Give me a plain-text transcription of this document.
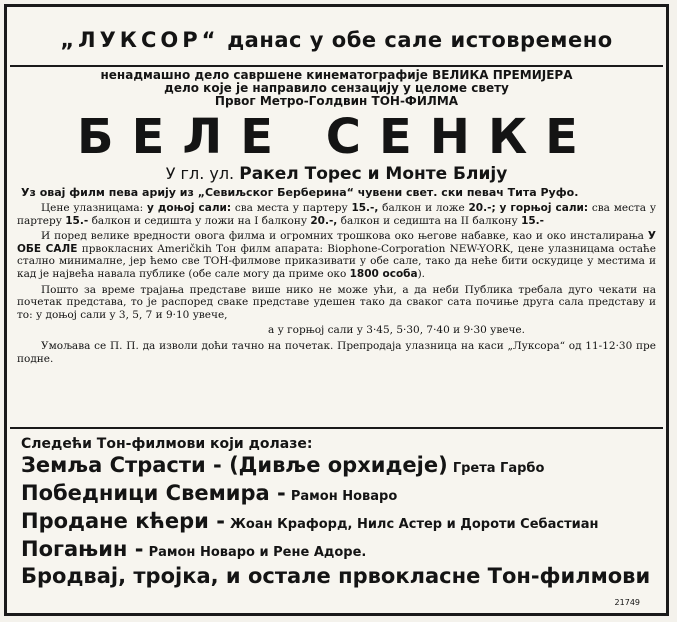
„ЛУКСОР“ данас у обе сале истовремено
ненадмашно дело савршене кинематографије ВЕЛИКА ПРЕМИЈЕРА
дело које је направило сензацију у целоме свету
Првог Метро-Голдвин ТОН-ФИЛМА
БЕЛЕ СЕНКЕ
У гл. ул. Ракел Торес и Монте Блију
Уз овај филм пева арију из „Севиљског Берберина“ чувени свет. ски певач Тита Руфо.
Цене улазницама: у доњој сали: сва места у партеру 15.-, балкон и ложе 20.-; у горњој сали: сва места у партеру 15.- балкон и седишта у ложи на I балкону 20.-, балкон и седишта на II балкону 15.-
И поред велике вредности овога филма и огромних трошкова око његове набавке, као и око инсталирања У ОБЕ САЛЕ првокласних Američkih Тон филм апарата: Biophone-Corporation NEW-YORK, цене улазницама остаће стално минималне, јер ћемо све ТОН-филмове приказивати у обе сале, тако да неће бити оскудице у местима и кад је највећа навала публике (обе сале могу да приме око 1800 особа).
Пошто за време трајања представе више нико не може ући, а да неби Публика требала дуго чекати на почетак представа, то је распоред сваке представе удешен тако да сваког сата почиње друга сала представу и то: у доњој сали у 3, 5, 7 и 9·10 увече,
а у горњој сали у 3·45, 5·30, 7·40 и 9·30 увече.
Умољава се П. П. да изволи доћи тачно на почетак. Препродаја улазница на каси „Луксора“ од 11-12·30 пре подне.
Следећи Тон-филмови који долазе:
Земља Страсти - (Дивље орхидеје) Грета Гарбо
Победници Свемира - Рамон Новаро
Продане кћери - Жоан Крафорд, Нилс Астер и Дороти Себастиан
Погањин - Рамон Новаро и Рене Адоре.
Бродвај, тројка, и остале првокласне Тон-филмови
21749
